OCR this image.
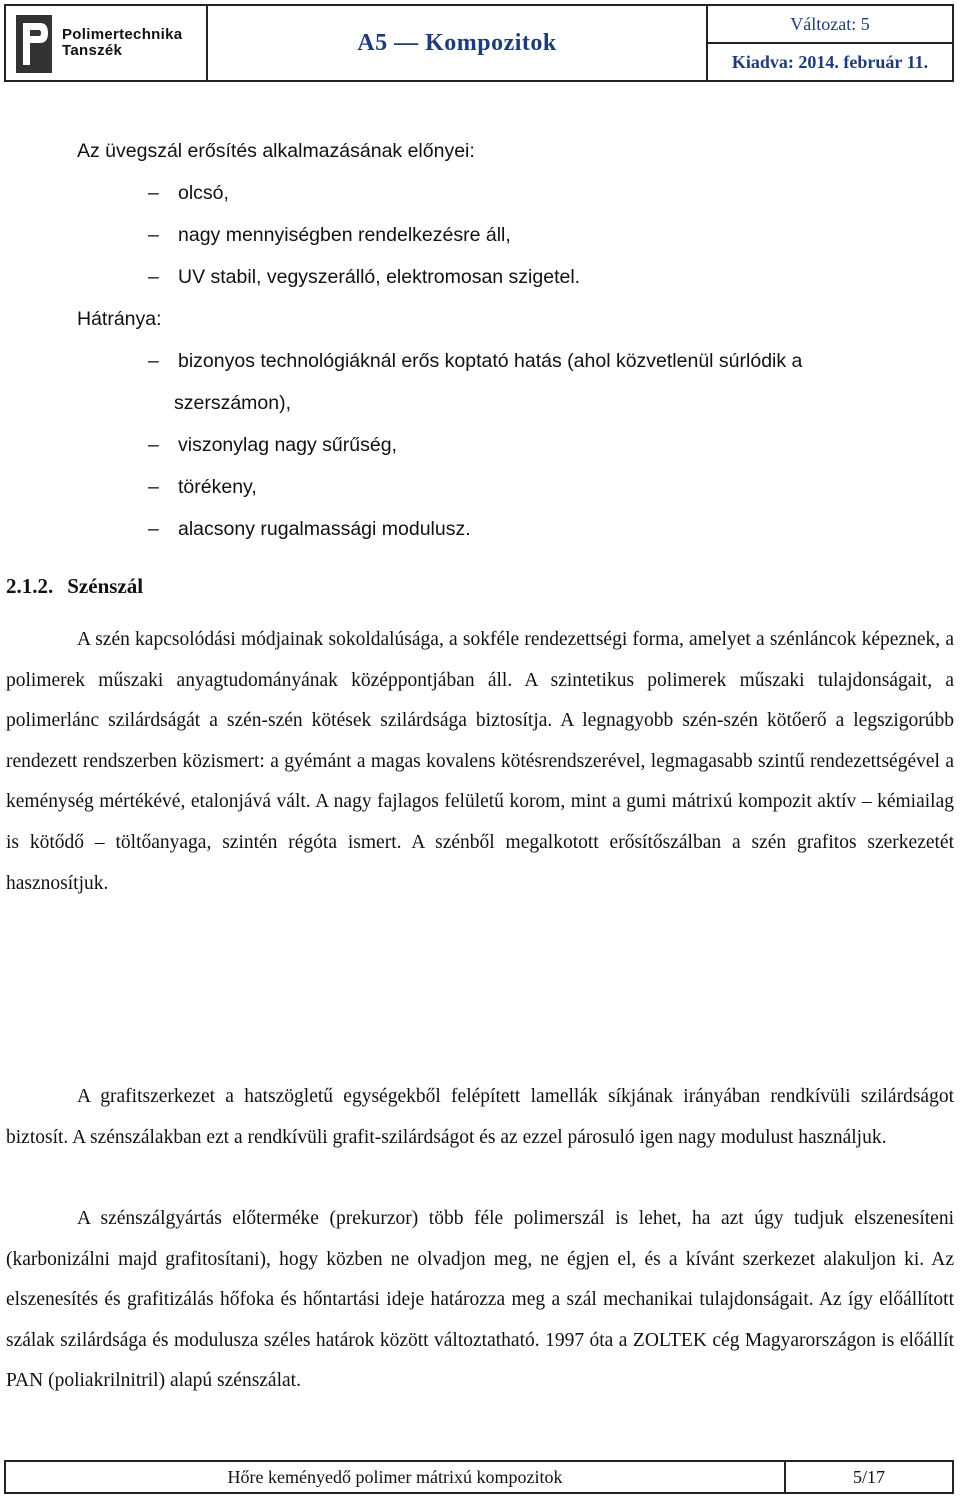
Polimertechnika
Tanszék	A5 — Kompozitok
Változat: 5
Kiadva: 2014. február 11.
Az üvegszál erősítés alkalmazásának előnyei:
– olcsó,
– nagy mennyiségben rendelkezésre áll,
– UV stabil, vegyszerálló, elektromosan szigetel.
Hátránya:
– bizonyos technológiáknál erős koptató hatás (ahol közvetlenül súrlódik a
szerszámon),
– viszonylag nagy sűrűség,
– törékeny,
– alacsony rugalmassági modulusz.
2.1.2. Szénszál
A szén kapcsolódási módjainak sokoldalúsága, a sokféle rendezettségi forma, amelyet a szénláncok képeznek, a polimerek műszaki anyagtudományának középpontjában áll. A szintetikus polimerek műszaki tulajdonságait, a polimerlánc szilárdságát a szén-szén kötések szilárdsága biztosítja. A legnagyobb szén-szén kötőerő a legszigorúbb rendezett rendszerben közismert: a gyémánt a magas kovalens kötésrendszerével, legmagasabb szintű rendezettségével a keménység mértékévé, etalonjává vált. A nagy fajlagos felületű korom, mint a gumi mátrixú kompozit aktív – kémiailag is kötődő – töltőanyaga, szintén régóta ismert. A szénből megalkotott erősítőszálban a szén grafitos szerkezetét hasznosítjuk.
A grafitszerkezet a hatszögletű egységekből felépített lamellák síkjának irányában rendkívüli szilárdságot biztosít. A szénszálakban ezt a rendkívüli grafit-szilárdságot és az ezzel párosuló igen nagy modulust használjuk.
A szénszálgyártás előterméke (prekurzor) több féle polimerszál is lehet, ha azt úgy tudjuk elszenesíteni (karbonizálni majd grafitosítani), hogy közben ne olvadjon meg, ne égjen el, és a kívánt szerkezet alakuljon ki. Az elszenesítés és grafitizálás hőfoka és hőntartási ideje határozza meg a szál mechanikai tulajdonságait. Az így előállított szálak szilárdsága és modulusza széles határok között változtatható. 1997 óta a ZOLTEK cég Magyarországon is előállít PAN (poliakrilnitril) alapú szénszálat.
Hőre keményedő polimer mátrixú kompozitok	5/17
